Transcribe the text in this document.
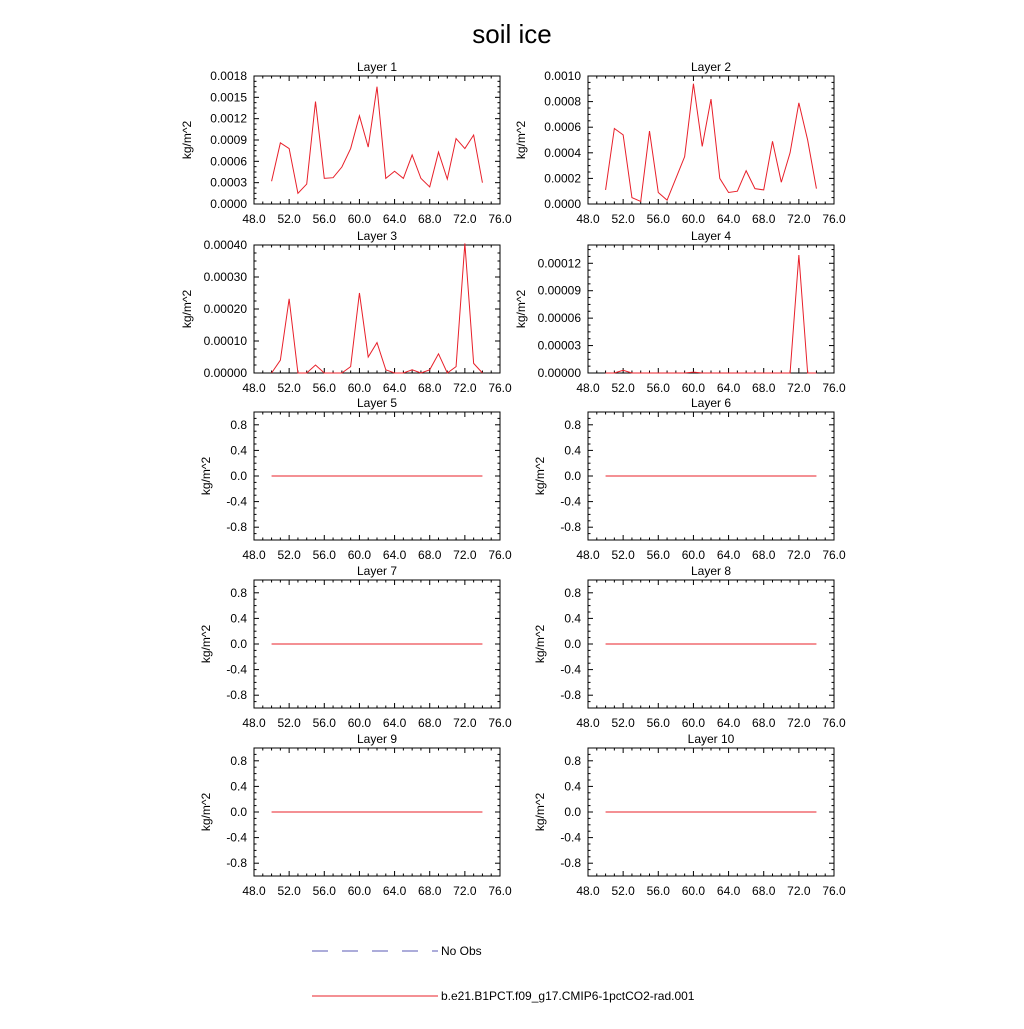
soil ice
No Obs
b.e21.B1PCT.f09_g17.CMIP6-1pctCO2-rad.001
Layer 1
48.0 52.0 56.0 60.0 64.0 68.0 72.0 76.0
0.0000
0.0003
0.0006
0.0009
0.0012
0.0015
0.0018
kg/m^2
Layer 2
48.0 52.0 56.0 60.0 64.0 68.0 72.0 76.0
0.0000
0.0002
0.0004
0.0006
0.0008
0.0010
kg/m^2
Layer 3
48.0 52.0 56.0 60.0 64.0 68.0 72.0 76.0
0.00000
0.00010
0.00020
0.00030
0.00040
kg/m^2
Layer 4
48.0 52.0 56.0 60.0 64.0 68.0 72.0 76.0
0.00000
0.00003
0.00006
0.00009
0.00012
kg/m^2
Layer 5
48.0 52.0 56.0 60.0 64.0 68.0 72.0 76.0
-0.8
-0.4
0.0
0.4
0.8
kg/m^2
Layer 6
48.0 52.0 56.0 60.0 64.0 68.0 72.0 76.0
-0.8
-0.4
0.0
0.4
0.8
kg/m^2
Layer 7
48.0 52.0 56.0 60.0 64.0 68.0 72.0 76.0
-0.8
-0.4
0.0
0.4
0.8
kg/m^2
Layer 8
48.0 52.0 56.0 60.0 64.0 68.0 72.0 76.0
-0.8
-0.4
0.0
0.4
0.8
kg/m^2
Layer 9
48.0 52.0 56.0 60.0 64.0 68.0 72.0 76.0
-0.8
-0.4
0.0
0.4
0.8
kg/m^2
Layer 10
48.0 52.0 56.0 60.0 64.0 68.0 72.0 76.0
-0.8
-0.4
0.0
0.4
0.8
kg/m^2
